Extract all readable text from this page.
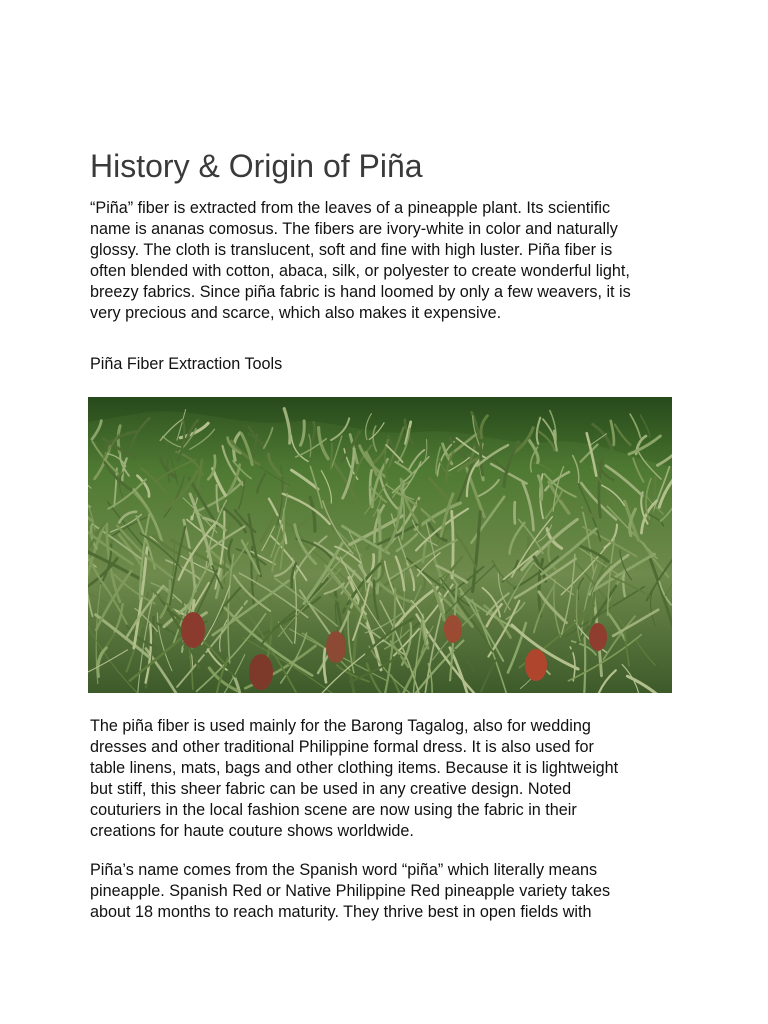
History & Origin of Piña

“Piña” fiber is extracted from the leaves of a pineapple plant. Its scientific
name is ananas comosus. The fibers are ivory-white in color and naturally
glossy. The cloth is translucent, soft and fine with high luster. Piña fiber is
often blended with cotton, abaca, silk, or polyester to create wonderful light,
breezy fabrics. Since piña fabric is hand loomed by only a few weavers, it is
very precious and scarce, which also makes it expensive.

Piña Fiber Extraction Tools

The piña fiber is used mainly for the Barong Tagalog, also for wedding
dresses and other traditional Philippine formal dress. It is also used for
table linens, mats, bags and other clothing items. Because it is lightweight
but stiff, this sheer fabric can be used in any creative design. Noted
couturiers in the local fashion scene are now using the fabric in their
creations for haute couture shows worldwide.

Piña’s name comes from the Spanish word “piña” which literally means
pineapple. Spanish Red or Native Philippine Red pineapple variety takes
about 18 months to reach maturity. They thrive best in open fields with
